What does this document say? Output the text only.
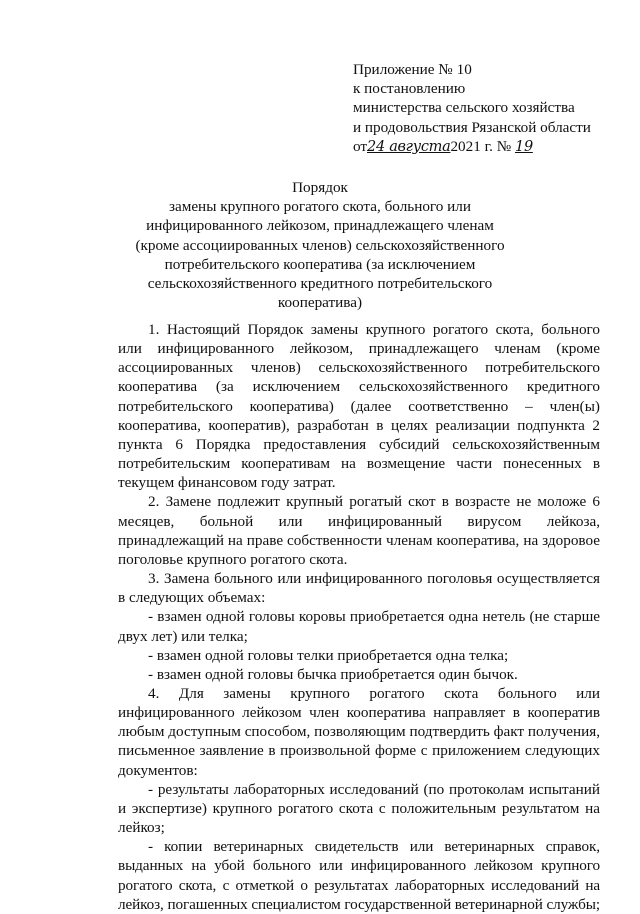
Приложение № 10
к постановлению
министерства сельского хозяйства
и продовольствия Рязанской области
от24 августа2021 г. № 19
Порядок
замены крупного рогатого скота, больного или
инфицированного лейкозом, принадлежащего членам
(кроме ассоциированных членов) сельскохозяйственного
потребительского кооператива (за исключением
сельскохозяйственного кредитного потребительского
кооператива)

1. Настоящий Порядок замены крупного рогатого скота, больного или инфицированного лейкозом, принадлежащего членам (кроме ассоциированных членов) сельскохозяйственного потребительского кооператива (за исключением сельскохозяйственного кредитного потребительского кооператива) (далее соответственно – член(ы) кооператива, кооператив), разработан в целях реализации подпункта 2 пункта 6 Порядка предоставления субсидий сельскохозяйственным потребительским кооперативам на возмещение части понесенных в текущем финансовом году затрат.

2. Замене подлежит крупный рогатый скот в возрасте не моложе 6 месяцев, больной или инфицированный вирусом лейкоза, принадлежащий на праве собственности членам кооператива, на здоровое поголовье крупного рогатого скота.

3. Замена больного или инфицированного поголовья осуществляется в следующих объемах:

- взамен одной головы коровы приобретается одна нетель (не старше двух лет) или телка;

- взамен одной головы телки приобретается одна телка;

- взамен одной головы бычка приобретается один бычок.

4. Для замены крупного рогатого скота больного или инфицированного лейкозом член кооператива направляет в кооператив любым доступным способом, позволяющим подтвердить факт получения, письменное заявление в произвольной форме с приложением следующих документов:

- результаты лабораторных исследований (по протоколам испытаний и экспертизе) крупного рогатого скота с положительным результатом на лейкоз;

- копии ветеринарных свидетельств или ветеринарных справок, выданных на убой больного или инфицированного лейкозом крупного рогатого скота, с отметкой о результатах лабораторных исследований на лейкоз, погашенных специалистом государственной ветеринарной службы;
